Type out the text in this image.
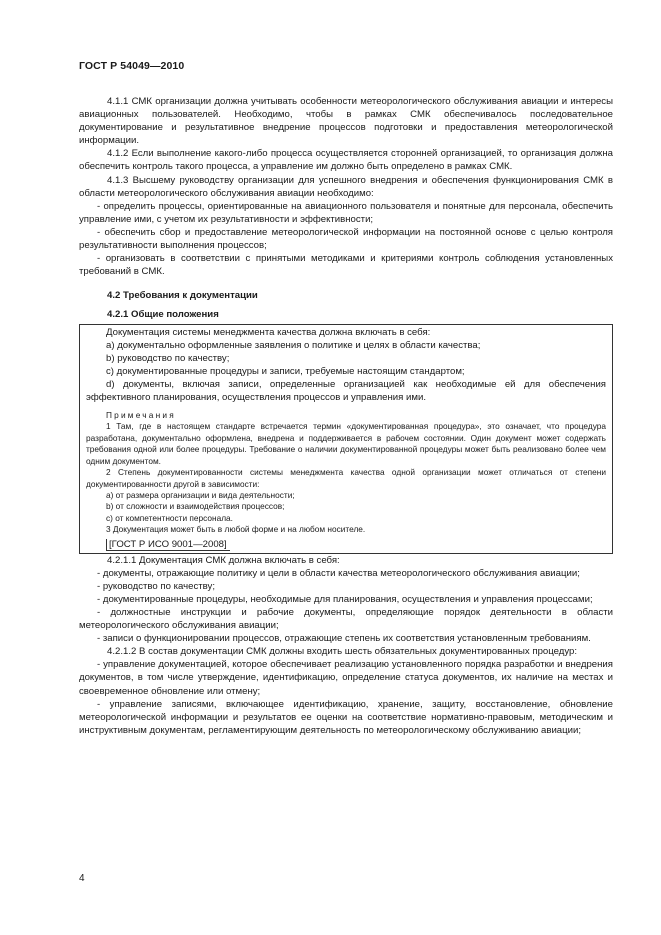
ГОСТ Р 54049—2010

4.1.1 СМК организации должна учитывать особенности метеорологического обслуживания авиации и интересы авиационных пользователей. Необходимо, чтобы в рамках СМК обеспечивалось последовательное документирование и результативное внедрение процессов подготовки и предоставления метеорологической информации.

4.1.2 Если выполнение какого-либо процесса осуществляется сторонней организацией, то организация должна обеспечить контроль такого процесса, а управление им должно быть определено в рамках СМК.

4.1.3 Высшему руководству организации для успешного внедрения и обеспечения функционирования СМК в области метеорологического обслуживания авиации необходимо:

- определить процессы, ориентированные на авиационного пользователя и понятные для персонала, обеспечить управление ими, с учетом их результативности и эффективности;

- обеспечить сбор и предоставление метеорологической информации на постоянной основе с целью контроля результативности выполнения процессов;

- организовать в соответствии с принятыми методиками и критериями контроль соблюдения установленных требований в СМК.

4.2 Требования к документации

4.2.1 Общие положения

Документация системы менеджмента качества должна включать в себя:

а) документально оформленные заявления о политике и целях в области качества;

b) руководство по качеству;

c) документированные процедуры и записи, требуемые настоящим стандартом;

d) документы, включая записи, определенные организацией как необходимые ей для обеспечения эффективного планирования, осуществления процессов и управления ими.

Примечания

1 Там, где в настоящем стандарте встречается термин «документированная процедура», это означает, что процедура разработана, документально оформлена, внедрена и поддерживается в рабочем состоянии. Один документ может содержать требования одной или более процедуры. Требование о наличии документированной процедуры может быть реализовано более чем одним документом.

2 Степень документированности системы менеджмента качества одной организации может отличаться от степени документированности другой в зависимости:

а) от размера организации и вида деятельности;

b) от сложности и взаимодействия процессов;

c) от компетентности персонала.

3 Документация может быть в любой форме и на любом носителе.

[ГОСТ Р ИСО 9001—2008]

4.2.1.1 Документация СМК должна включать в себя:

- документы, отражающие политику и цели в области качества метеорологического обслуживания авиации;

- руководство по качеству;

- документированные процедуры, необходимые для планирования, осуществления и управления процессами;

- должностные инструкции и рабочие документы, определяющие порядок деятельности в области метеорологического обслуживания авиации;

- записи о функционировании процессов, отражающие степень их соответствия установленным требованиям.

4.2.1.2 В состав документации СМК должны входить шесть обязательных документированных процедур:

- управление документацией, которое обеспечивает реализацию установленного порядка разработки и внедрения документов, в том числе утверждение, идентификацию, определение статуса документов, их наличие на местах и своевременное обновление или отмену;

- управление записями, включающее идентификацию, хранение, защиту, восстановление, обновление метеорологической информации и результатов ее оценки на соответствие нормативно-правовым, методическим и инструктивным документам, регламентирующим деятельность по метеорологическому обслуживанию авиации;

4
